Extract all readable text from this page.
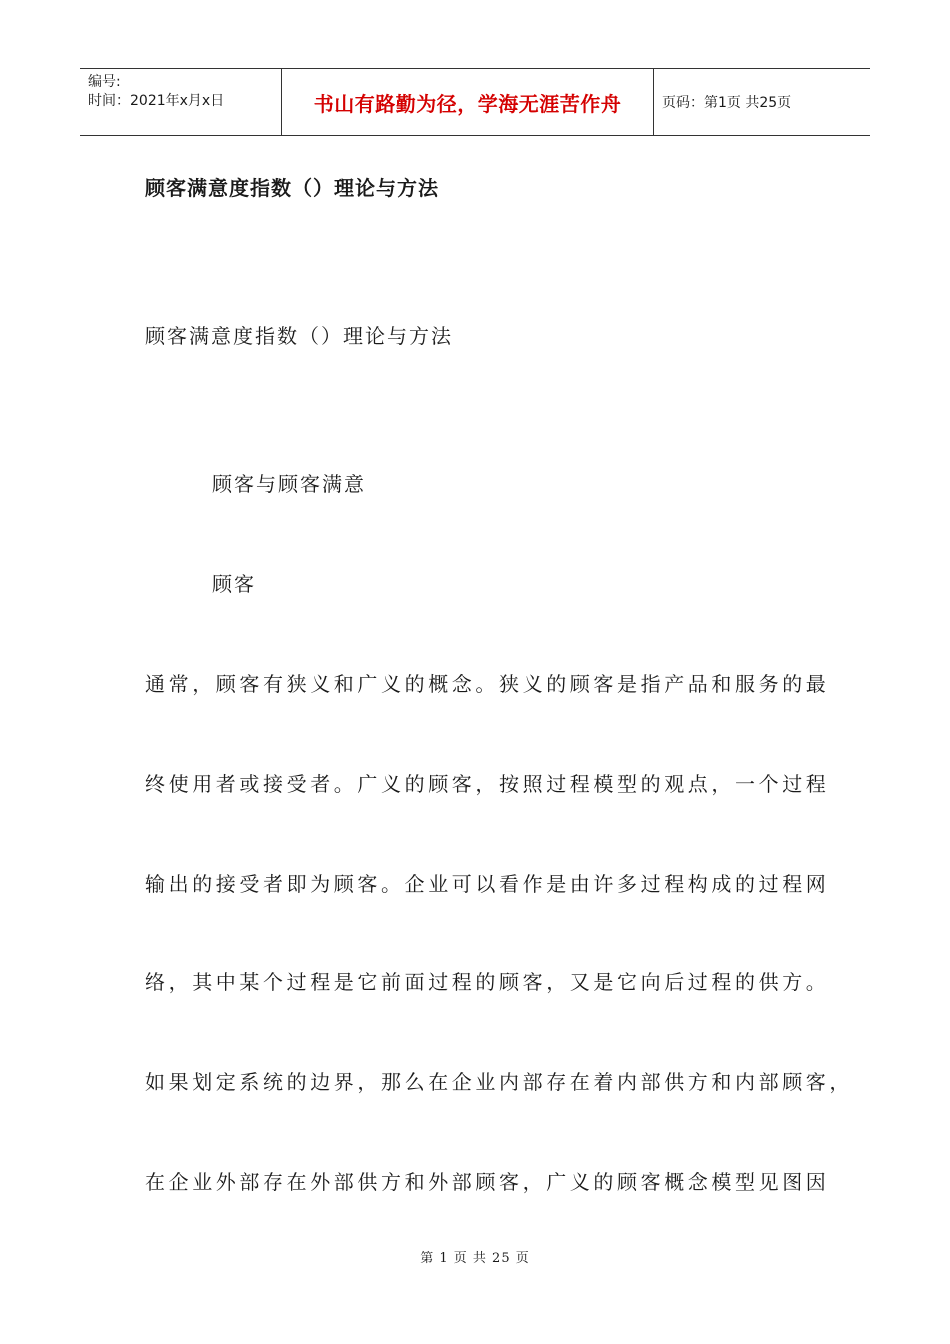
编号:
时间：2021年x月x日	书山有路勤为径，学海无涯苦作舟	页码：第1页 共25页
顾客满意度指数（）理论与方法
顾客满意度指数（）理论与方法
顾客与顾客满意
顾客
通常，顾客有狭义和广义的概念。狭义的顾客是指产品和服务的最
终使用者或接受者。广义的顾客，按照过程模型的观点，一个过程
输出的接受者即为顾客。企业可以看作是由许多过程构成的过程网
络，其中某个过程是它前面过程的顾客，又是它向后过程的供方。
如果划定系统的边界，那么在企业内部存在着内部供方和内部顾客，
在企业外部存在外部供方和外部顾客，广义的顾客概念模型见图因
第 1 页 共 25 页
